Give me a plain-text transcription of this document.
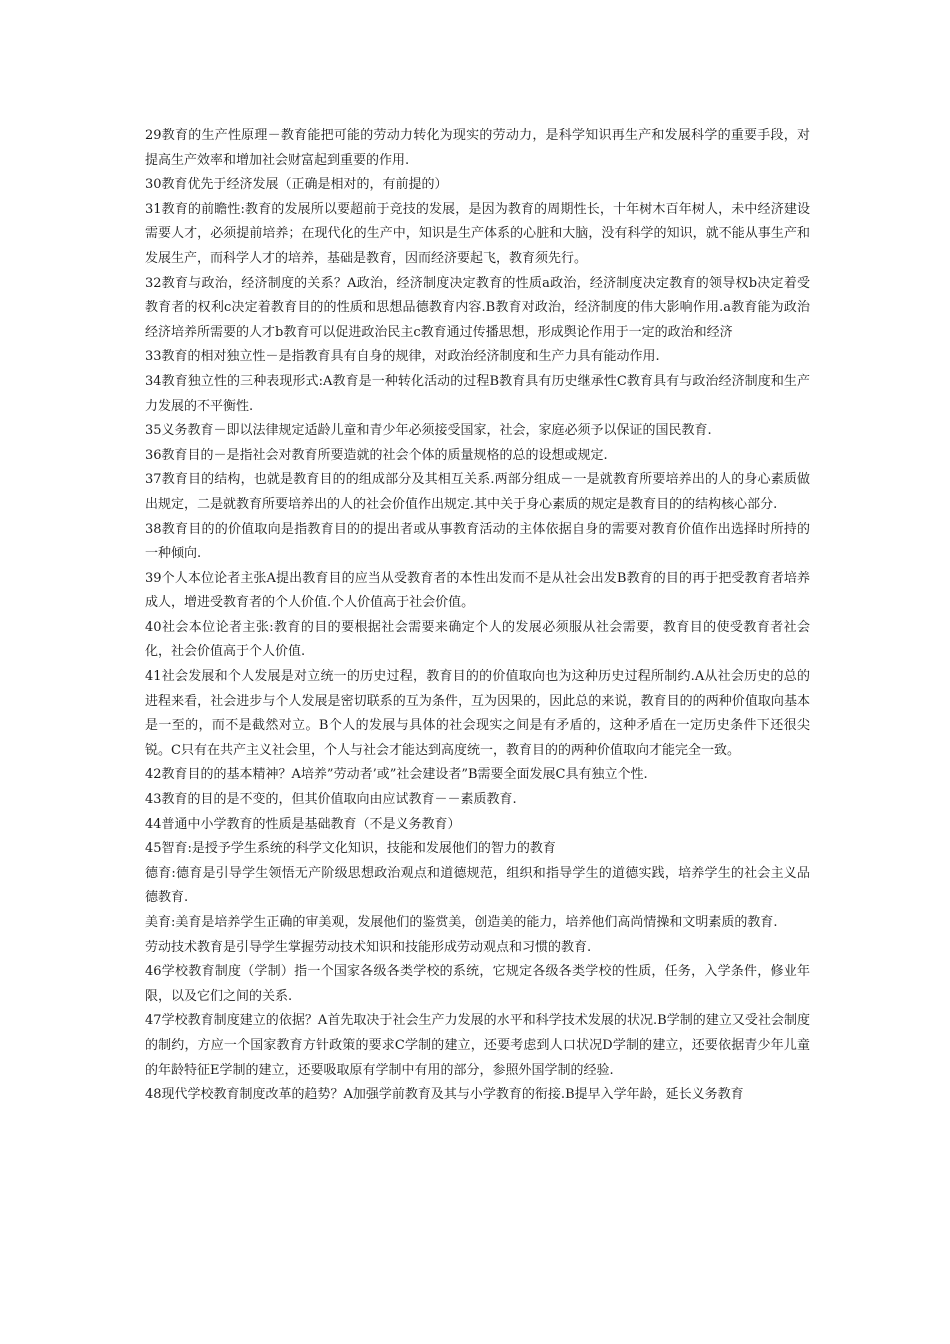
29教育的生产性原理－教育能把可能的劳动力转化为现实的劳动力，是科学知识再生产和发展科学的重要手段，对提高生产效率和增加社会财富起到重要的作用.

30教育优先于经济发展（正确是相对的，有前提的）

31教育的前瞻性:教育的发展所以要超前于竞技的发展，是因为教育的周期性长，十年树木百年树人，未中经济建设需要人才，必须提前培养；在现代化的生产中，知识是生产体系的心脏和大脑，没有科学的知识，就不能从事生产和发展生产，而科学人才的培养，基础是教育，因而经济要起飞，教育须先行。

32教育与政治，经济制度的关系？A政治，经济制度决定教育的性质a政治，经济制度决定教育的领导权b决定着受教育者的权利c决定着教育目的的性质和思想品德教育内容.B教育对政治，经济制度的伟大影响作用.a教育能为政治经济培养所需要的人才b教育可以促进政治民主c教育通过传播思想，形成舆论作用于一定的政治和经济

33教育的相对独立性－是指教育具有自身的规律，对政治经济制度和生产力具有能动作用.

34教育独立性的三种表现形式:A教育是一种转化活动的过程B教育具有历史继承性C教育具有与政治经济制度和生产力发展的不平衡性.

35义务教育－即以法律规定适龄儿童和青少年必须接受国家，社会，家庭必须予以保证的国民教育.

36教育目的－是指社会对教育所要造就的社会个体的质量规格的总的设想或规定.

37教育目的结构，也就是教育目的的组成部分及其相互关系.两部分组成－一是就教育所要培养出的人的身心素质做出规定，二是就教育所要培养出的人的社会价值作出规定.其中关于身心素质的规定是教育目的的结构核心部分.

38教育目的的价值取向是指教育目的的提出者或从事教育活动的主体依据自身的需要对教育价值作出选择时所持的一种倾向.

39个人本位论者主张A提出教育目的应当从受教育者的本性出发而不是从社会出发B教育的目的再于把受教育者培养成人，增进受教育者的个人价值.个人价值高于社会价值。

40社会本位论者主张:教育的目的要根据社会需要来确定个人的发展必须服从社会需要，教育目的使受教育者社会化，社会价值高于个人价值.

41社会发展和个人发展是对立统一的历史过程，教育目的的价值取向也为这种历史过程所制约.A从社会历史的总的进程来看，社会进步与个人发展是密切联系的互为条件，互为因果的，因此总的来说，教育目的的两种价值取向基本是一至的，而不是截然对立。B个人的发展与具体的社会现实之间是有矛盾的，这种矛盾在一定历史条件下还很尖锐。C只有在共产主义社会里，个人与社会才能达到高度统一，教育目的的两种价值取向才能完全一致。

42教育目的的基本精神？A培养”劳动者’或”社会建设者”B需要全面发展C具有独立个性.

43教育的目的是不变的，但其价值取向由应试教育－－素质教育.

44普通中小学教育的性质是基础教育（不是义务教育）

45智育:是授予学生系统的科学文化知识，技能和发展他们的智力的教育

德育:德育是引导学生领悟无产阶级思想政治观点和道德规范，组织和指导学生的道德实践，培养学生的社会主义品德教育.

美育:美育是培养学生正确的审美观，发展他们的鉴赏美，创造美的能力，培养他们高尚情操和文明素质的教育.

劳动技术教育是引导学生掌握劳动技术知识和技能形成劳动观点和习惯的教育.

46学校教育制度（学制）指一个国家各级各类学校的系统，它规定各级各类学校的性质，任务，入学条件，修业年限，以及它们之间的关系.

47学校教育制度建立的依据？A首先取决于社会生产力发展的水平和科学技术发展的状况.B学制的建立又受社会制度的制约，方应一个国家教育方针政策的要求C学制的建立，还要考虑到人口状况D学制的建立，还要依据青少年儿童的年龄特征E学制的建立，还要吸取原有学制中有用的部分，参照外国学制的经验.

48现代学校教育制度改革的趋势？A加强学前教育及其与小学教育的衔接.B提早入学年龄，延长义务教育
